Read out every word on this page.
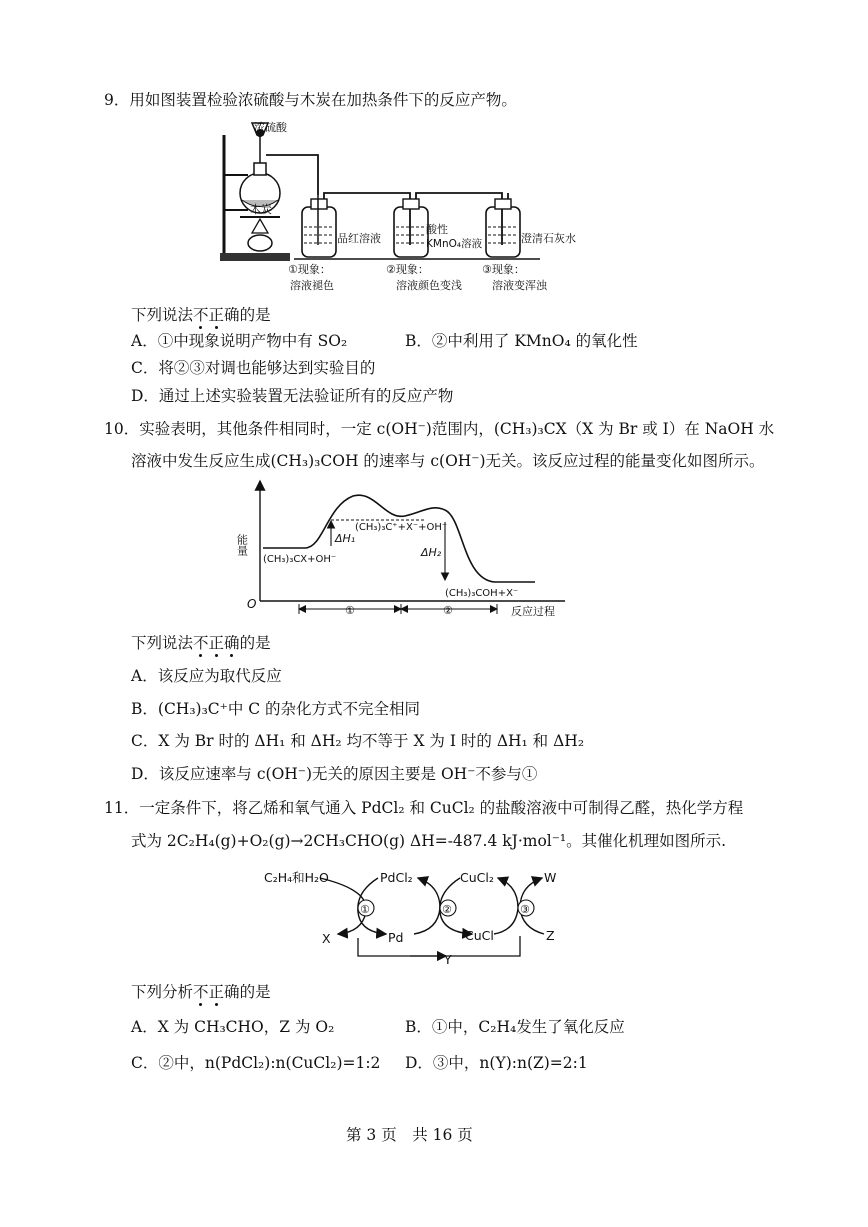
9．用如图装置检验浓硫酸与木炭在加热条件下的反应产物。
浓硫酸
木炭
品红溶液
酸性
KMnO₄溶液	澄清石灰水
①现象：
溶液褪色
②现象：
溶液颜色变浅
③现象：
溶液变浑浊
下列说法不正确的是
A．①中现象说明产物中有 SO₂	B．②中利用了 KMnO₄ 的氧化性
C．将②③对调也能够达到实验目的
D．通过上述实验装置无法验证所有的反应产物
10．实验表明，其他条件相同时，一定 c(OH⁻)范围内，(CH₃)₃CX（X 为 Br 或 I）在 NaOH 水
溶液中发生反应生成(CH₃)₃COH 的速率与 c(OH⁻)无关。该反应过程的能量变化如图所示。
能量
O
反应过程
(CH₃)₃CX+OH⁻
(CH₃)₃C⁺+X⁻+OH⁻
(CH₃)₃COH+X⁻
ΔH₁
ΔH₂
①	②
下列说法不正确的是
A．该反应为取代反应
B．(CH₃)₃C⁺中 C 的杂化方式不完全相同
C．X 为 Br 时的 ΔH₁ 和 ΔH₂ 均不等于 X 为 I 时的 ΔH₁ 和 ΔH₂
D．该反应速率与 c(OH⁻)无关的原因主要是 OH⁻不参与①
11．一定条件下，将乙烯和氧气通入 PdCl₂ 和 CuCl₂ 的盐酸溶液中可制得乙醛，热化学方程
式为 2C₂H₄(g)+O₂(g)→2CH₃CHO(g) ΔH=-487.4 kJ·mol⁻¹。其催化机理如图所示.
C₂H₄和H₂O	PdCl₂	CuCl₂	W
X	Pd	CuCl	Z
Y
①	②	③
下列分析不正确的是
A．X 为 CH₃CHO，Z 为 O₂	B．①中，C₂H₄发生了氧化反应
C．②中，n(PdCl₂):n(CuCl₂)=1:2 D．③中，n(Y):n(Z)=2:1
第 3 页　共 16 页
